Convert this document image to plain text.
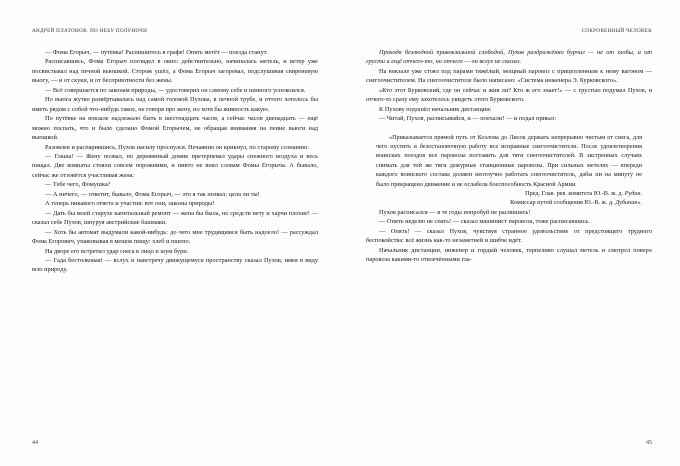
АНДРЕЙ ПЛАТОНОВ. ПО НЕБУ ПОЛУНОЧИ

— Фома Егорыч, — путёвка! Распишитесь в графе! Опять метёт — поезда станут.

Расписавшись, Фома Егорыч поглядел в окно: действительно, начиналась метель, и ветер уже посвистывал над печной вьюшкой. Сторож ушёл, а Фома Егорыч загоревал, подслушивая свиреневую вьюгу, — и от скуки, и от бесприютности без жены.

— Всё совершается по законам природы, — удостоверил он самому себе и немного успокоился.

Но вьюга жутко развёртывалась над самой головой Пухова, в печной трубе, и оттого хотелось бы иметь рядом с собой что-нибудь такое, не говоря про жену, но хотя бы живность какую.

По путёвке на вокзале надлежало быть в шестнадцать часов, а сейчас часов двенадцать — ещё можно поспать, что и было сделано Фомой Егорычем, не обращая внимания на пение вьюги над вьюшкой.

Разомлев и распарившись, Пухов насилу проснулся. Нечаянно он крикнул, по старому сознанию:

— Глаша! — Жену позвал, но деревянный домик претерпевал удары снежного воздуха и весь пищал. Две комнаты стояли совсем порожними, и никто не внял словам Фомы Егорыча. А бывало, сейчас же отзовётся участливая жена:

— Тебе чего, Фомушка?

— А ничего, — ответит, бывало, Фома Егорыч, — это я так позвал: цела ли ты!

А теперь никакого ответа и участия: вот они, законы природы!

— Дать бы моей старухе капитальный ремонт — жена бы была, но средств нету и харчи плохие! — сказал себе Пухов, шнуруя австрийские башмаки.

— Хоть бы автомат выдумали какой-нибудь: до чего мне трудящимся быть надоело! — рассуждал Фома Егорович, упаковывая в мешок пищу: хлеб и пшено.

На дворе его встретил удар снега в лицо и шум бури.

— Гада бестолковая! — вслух и навстречу движущемуся пространству сказал Пухов, имея в виду всю природу.

44
СОКРОВЕННЫЙ ЧЕЛОВЕК

Проходя безлюдной привокзальной слободой, Пухов раздражённо бурчал — не от злобы, а от грусти и ещё отчего-то, но отчего — он вслух не сказал.

На вокзале уже стоял под парами тяжёлый, мощный паровоз с прицепленным к нему вагоном — снегоочистителем. На снегоочистителе было написано: «Система инженера Э. Бурковского».

«Кто этот Бурковский, где он сейчас и жив ли? Кто ж его знает!» — с грустью подумал Пухов, и отчего-то сразу ему захотелось увидеть этого Бурковского.

К Пухову подошёл начальник дистанции:

— Читай, Пухов, расписывайся, и — поехали! — и подал приказ:

«Приказывается прямой путь от Козлова до Лисок держать непрерывно чистым от снега, для чего пустить в безостановочную работу все исправные снегоочистители. После удовлетворения воинских поездов все паровозы поставить для тяги снегоочистителей. В экстренных случаях снимать для той же тяги дежурные станционные паровозы. При сильных метелях — впереди каждого воинского состава должен неотлучно работать снегоочиститель, дабы ни на минуту не было прекращено движение и не ослабела боеспособность Красной Армии.

Пред. Глав. рев. комитета Ю.-В. ж. д. Рудин.

Комиссар путей сообщения Ю.-В. ж. д. Дубинин».

Пухов расписался — в те годы попробуй не распишись!

— Опять неделю не спать! — сказал машинист паровоза, тоже расписавшись.

— Опять! — сказал Пухов, чувствуя странное удовольствие от предстоящего трудного беспокойства: всё жизнь как-то незаметней и шибче идёт.

Начальник дистанции, инженер и гордый человек, терпеливо слушал метель и смотрел поверх паровоза какими-то отвлечёнными гла-

45
